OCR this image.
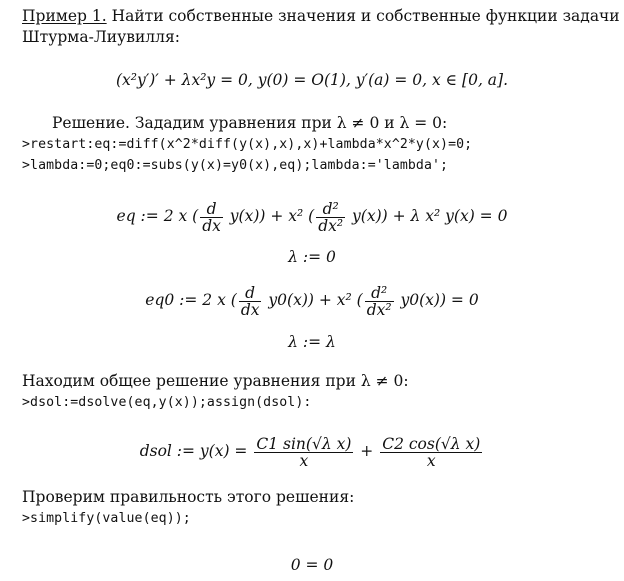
Пример 1. Найти собственные значения и собственные функции задачи
Штурма-Лиувилля:
(x²y′)′ + λx²y = 0, y(0) = O(1), y′(a) = 0, x ∈ [0, a].
Решение. Зададим уравнения при λ ≠ 0 и λ = 0:
>restart:eq:=diff(x^2*diff(y(x),x),x)+lambda*x^2*y(x)=0;
>lambda:=0;eq0:=subs(y(x)=y0(x),eq);lambda:='lambda';
eq := 2 x ( $\frac{d}{dx} y(x)) + x^2$ ( $\frac{\text{d²}}{\text{dx²}} y(x)) + \lambda$ x² y(x) = 0
λ := 0
eq0 := 2 x ( $\frac{d}{dx} y0(x)) + x^2$ ( $\frac{\text{d²}}{\text{dx²}} y0(x)) = 0$
λ := λ
Находим общее решение уравнения при λ ≠ 0:
>dsol:=dsolve(eq,y(x));assign(dsol):
dsol := $y(x) = \frac{\text{C1 sin(√λ x)}}{x} + \frac{\text{C2 cos(√λ x)}}{x}$
Проверим правильность этого решения:
>simplify(value(eq));
0 = 0
